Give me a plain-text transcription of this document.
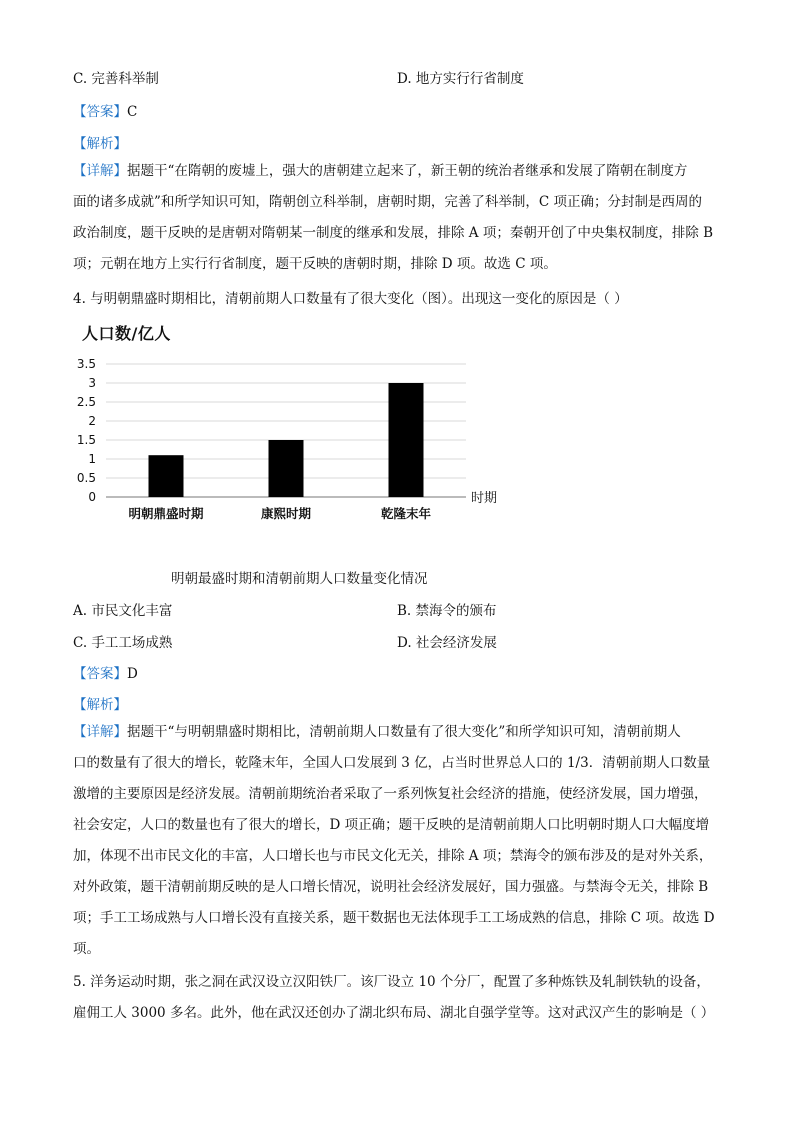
C. 完善科举制	D. 地方实行行省制度
【答案】C
【解析】

【详解】据题干“在隋朝的废墟上，强大的唐朝建立起来了，新王朝的统治者继承和发展了隋朝在制度方

面的诸多成就”和所学知识可知，隋朝创立科举制，唐朝时期，完善了科举制，C 项正确；分封制是西周的

政治制度，题干反映的是唐朝对隋朝某一制度的继承和发展，排除 A 项；秦朝开创了中央集权制度，排除 B

项；元朝在地方上实行行省制度，题干反映的唐朝时期，排除 D 项。故选 C 项。

4. 与明朝鼎盛时期相比，清朝前期人口数量有了很大变化（图）。出现这一变化的原因是（ ）
人口数/亿人
0
0.5
1
1.5
2
2.5
3
3.5
明朝鼎盛时期	康熙时期	乾隆末年
时期
明朝最盛时期和清朝前期人口数量变化情况
A. 市民文化丰富	B. 禁海令的颁布
C. 手工工场成熟	D. 社会经济发展
【答案】D
【解析】

【详解】据题干“与明朝鼎盛时期相比，清朝前期人口数量有了很大变化”和所学知识可知，清朝前期人

口的数量有了很大的增长，乾隆末年，全国人口发展到 3 亿，占当时世界总人口的 1/3．清朝前期人口数量

激增的主要原因是经济发展。清朝前期统治者采取了一系列恢复社会经济的措施，使经济发展，国力增强，

社会安定，人口的数量也有了很大的增长，D 项正确；题干反映的是清朝前期人口比明朝时期人口大幅度增

加，体现不出市民文化的丰富，人口增长也与市民文化无关，排除 A 项；禁海令的颁布涉及的是对外关系，

对外政策，题干清朝前期反映的是人口增长情况，说明社会经济发展好，国力强盛。与禁海令无关，排除 B

项；手工工场成熟与人口增长没有直接关系，题干数据也无法体现手工工场成熟的信息，排除 C 项。故选 D

项。

5. 洋务运动时期，张之洞在武汉设立汉阳铁厂。该厂设立 10 个分厂，配置了多种炼铁及轧制铁轨的设备，

雇佣工人 3000 多名。此外，他在武汉还创办了湖北织布局、湖北自强学堂等。这对武汉产生的影响是（ ）
